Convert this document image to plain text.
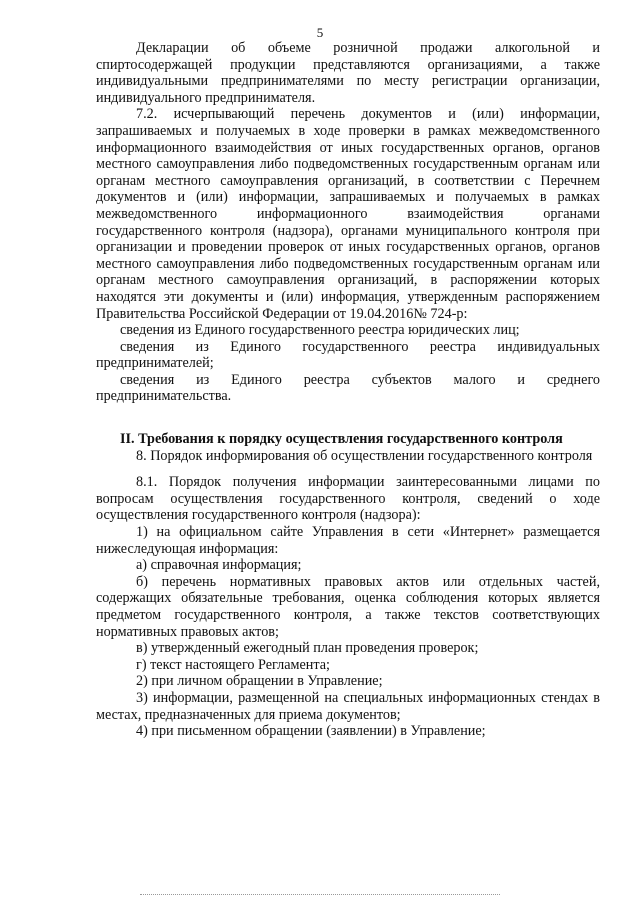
5

Декларации об объеме розничной продажи алкогольной и спиртосодержащей продукции представляются организациями, а также индивидуальными предпринимателями по месту регистрации организации, индивидуального предпринимателя.

7.2. исчерпывающий перечень документов и (или) информации, запрашиваемых и получаемых в ходе проверки в рамках межведомственного информационного взаимодействия от иных государственных органов, органов местного самоуправления либо подведомственных государственным органам или органам местного самоуправления организаций, в соответствии с Перечнем документов и (или) информации, запрашиваемых и получаемых в рамках межведомственного информационного взаимодействия органами государственного контроля (надзора), органами муниципального контроля при организации и проведении проверок от иных государственных органов, органов местного самоуправления либо подведомственных государственным органам или органам местного самоуправления организаций, в распоряжении которых находятся эти документы и (или) информация, утвержденным распоряжением Правительства Российской Федерации от 19.04.2016№ 724-р:

сведения из Единого государственного реестра юридических лиц;

сведения из Единого государственного реестра индивидуальных предпринимателей;

сведения из Единого реестра субъектов малого и среднего предпринимательства.

II. Требования к порядку осуществления государственного контроля

8. Порядок информирования об осуществлении государственного контроля

8.1. Порядок получения информации заинтересованными лицами по вопросам осуществления государственного контроля, сведений о ходе осуществления государственного контроля (надзора):

1) на официальном сайте Управления в сети «Интернет» размещается нижеследующая информация:

а) справочная информация;

б) перечень нормативных правовых актов или отдельных частей, содержащих обязательные требования, оценка соблюдения которых является предметом государственного контроля, а также текстов соответствующих нормативных правовых актов;

в) утвержденный ежегодный план проведения проверок;

г) текст настоящего Регламента;

2) при личном обращении в Управление;

3) информации, размещенной на специальных информационных стендах в местах, предназначенных для приема документов;

4) при письменном обращении (заявлении) в Управление;
